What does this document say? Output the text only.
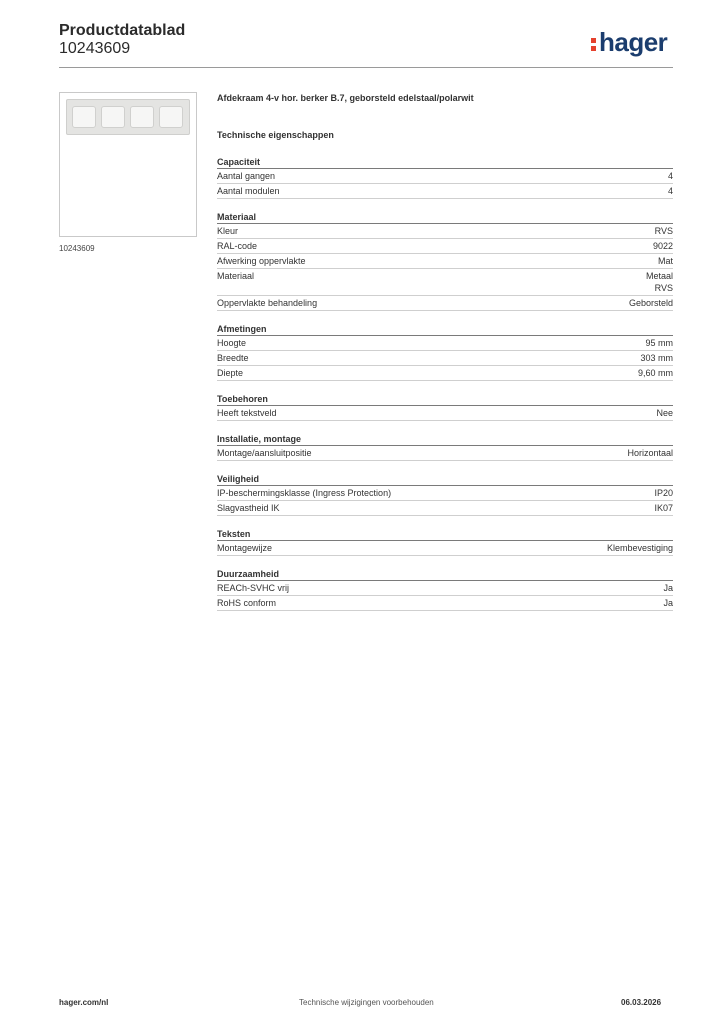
Productdatablad
10243609	hager
10243609
Afdekraam 4-v hor. berker B.7, geborsteld edelstaal/polarwit
Technische eigenschappen
Capaciteit
Aantal gangen	4
Aantal modulen	4
Materiaal
Kleur	RVS
RAL-code	9022
Afwerking oppervlakte	Mat
Materiaal	Metaal
RVS
Oppervlakte behandeling	Geborsteld
Afmetingen
Hoogte	95 mm
Breedte	303 mm
Diepte	9,60 mm
Toebehoren
Heeft tekstveld	Nee
Installatie, montage
Montage/aansluitpositie	Horizontaal
Veiligheid
IP-beschermingsklasse (Ingress Protection)	IP20
Slagvastheid IK	IK07
Teksten
Montagewijze	Klembevestiging
Duurzaamheid
REACh-SVHC vrij	Ja
RoHS conform	Ja
hager.com/nl	Technische wijzigingen voorbehouden	06.03.2026
